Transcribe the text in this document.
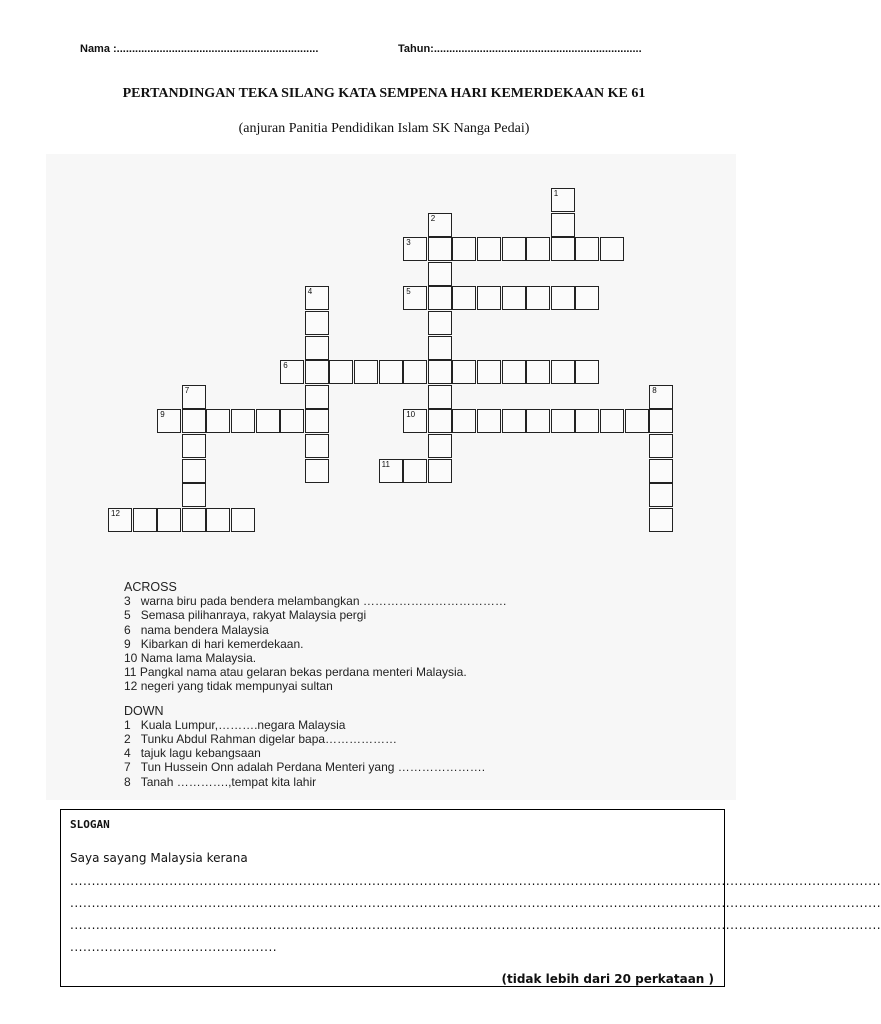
Nama :..................................................................	Tahun:....................................................................
PERTANDINGAN TEKA SILANG KATA SEMPENA HARI KEMERDEKAAN KE 61
(anjuran Panitia Pendidikan Islam SK Nanga Pedai)
1
2
3
4	5
6
7	8
9	10
11
12
ACROSS
3 warna biru pada bendera melambangkan ………………………………
5 Semasa pilihanraya, rakyat Malaysia pergi
6 nama bendera Malaysia
9 Kibarkan di hari kemerdekaan.
10 Nama lama Malaysia.
11 Pangkal nama atau gelaran bekas perdana menteri Malaysia.
12 negeri yang tidak mempunyai sultan
DOWN
1 Kuala Lumpur,……….negara Malaysia
2 Tunku Abdul Rahman digelar bapa………………
4 tajuk lagu kebangsaan
7 Tun Hussein Onn adalah Perdana Menteri yang ………………….
8 Tanah ………….,tempat kita lahir
SLOGAN
Saya sayang Malaysia kerana
............................................................................................................................................................................................
............................................................................................................................................................................................
............................................................................................................................................................................................
................................................
(tidak lebih dari 20 perkataan )
